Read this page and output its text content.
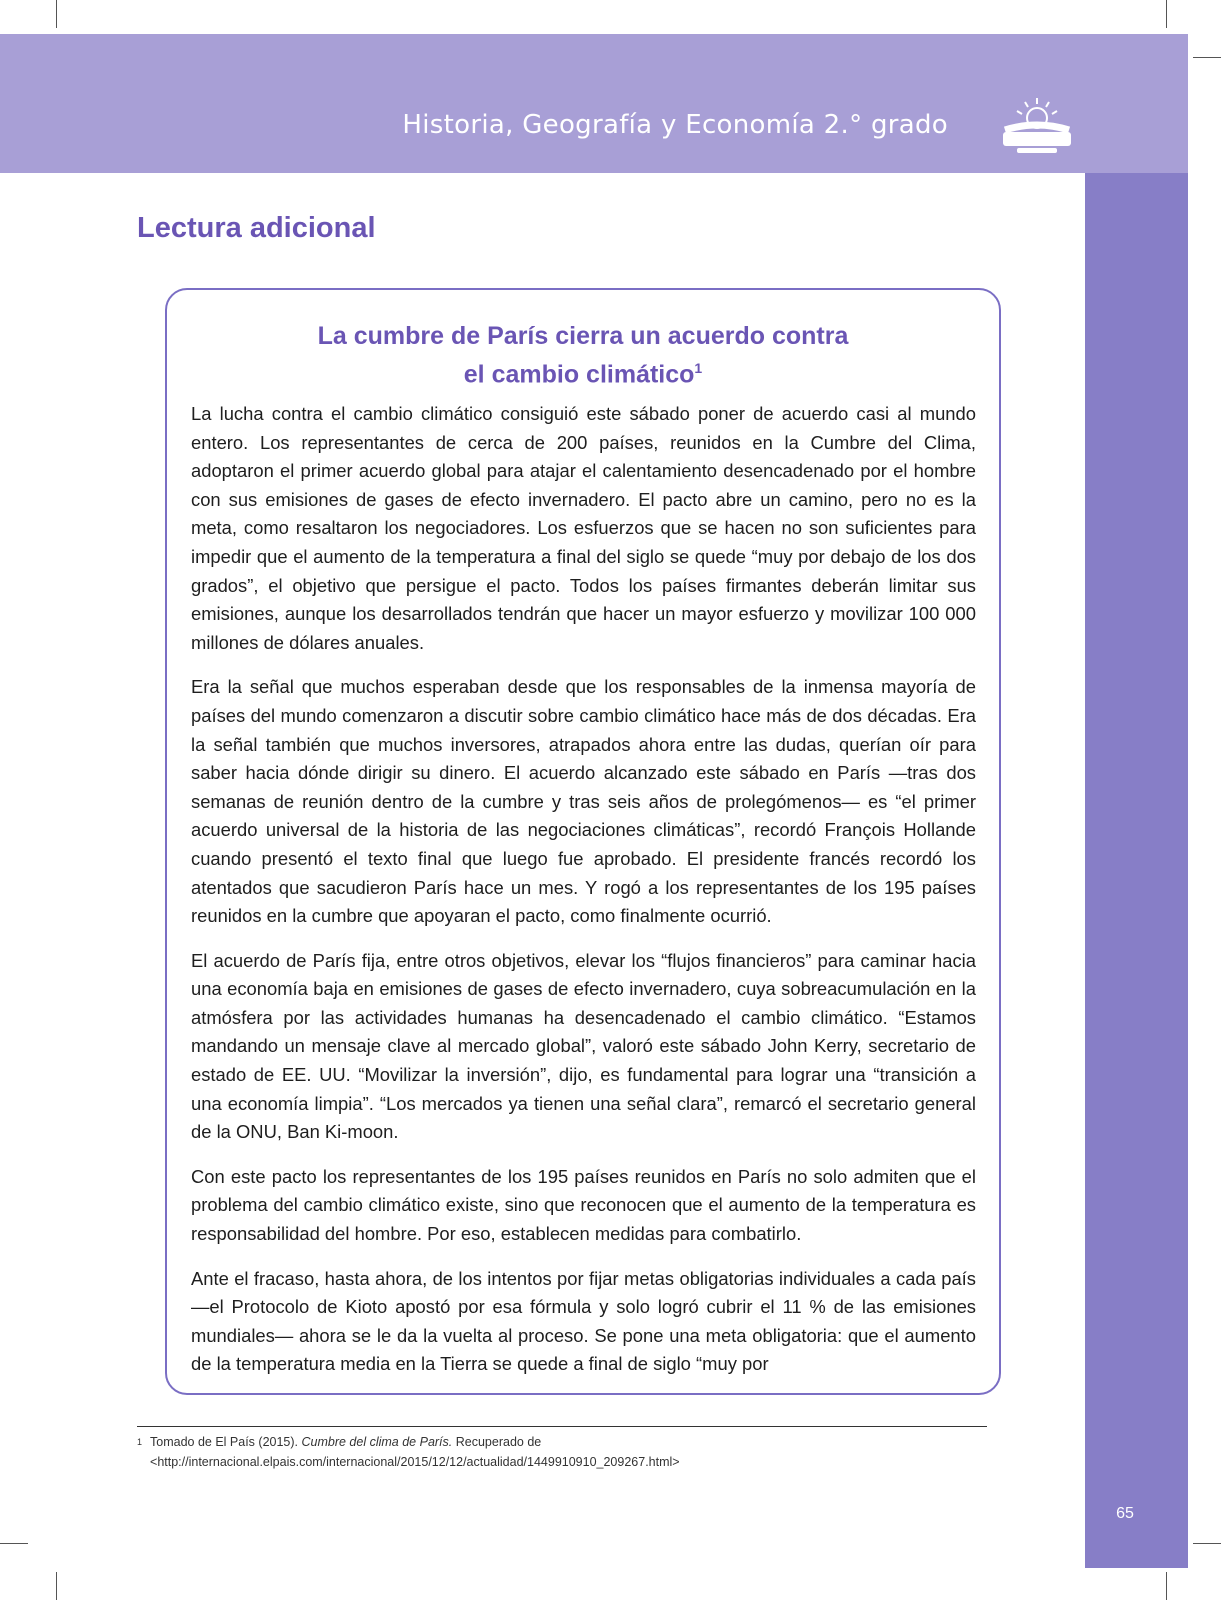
Historia, Geografía y Economía 2.° grado
65
Lectura adicional
La cumbre de París cierra un acuerdo contra
el cambio climático$^1$

La lucha contra el cambio climático consiguió este sábado poner de acuerdo casi al mundo entero. Los representantes de cerca de 200 países, reunidos en la Cumbre del Clima, adoptaron el primer acuerdo global para atajar el calentamiento desencadenado por el hombre con sus emisiones de gases de efecto invernadero. El pacto abre un camino, pero no es la meta, como resaltaron los negociadores. Los esfuerzos que se hacen no son suficientes para impedir que el aumento de la temperatura a final del siglo se quede “muy por debajo de los dos grados”, el objetivo que persigue el pacto. Todos los países firmantes deberán limitar sus emisiones, aunque los desarrollados tendrán que hacer un mayor esfuerzo y movilizar 100 000 millones de dólares anuales.

Era la señal que muchos esperaban desde que los responsables de la inmensa mayoría de países del mundo comenzaron a discutir sobre cambio climático hace más de dos décadas. Era la señal también que muchos inversores, atrapados ahora entre las dudas, querían oír para saber hacia dónde dirigir su dinero. El acuerdo alcanzado este sábado en París —tras dos semanas de reunión dentro de la cumbre y tras seis años de prolegómenos— es “el primer acuerdo universal de la historia de las negociaciones climáticas”, recordó François Hollande cuando presentó el texto final que luego fue aprobado. El presidente francés recordó los atentados que sacudieron París hace un mes. Y rogó a los representantes de los 195 países reunidos en la cumbre que apoyaran el pacto, como finalmente ocurrió.

El acuerdo de París fija, entre otros objetivos, elevar los “flujos financieros” para caminar hacia una economía baja en emisiones de gases de efecto invernadero, cuya sobreacumulación en la atmósfera por las actividades humanas ha desencadenado el cambio climático. “Estamos mandando un mensaje clave al mercado global”, valoró este sábado John Kerry, secretario de estado de EE. UU. “Movilizar la inversión”, dijo, es fundamental para lograr una “transición a una economía limpia”. “Los mercados ya tienen una señal clara”, remarcó el secretario general de la ONU, Ban Ki-moon.

Con este pacto los representantes de los 195 países reunidos en París no solo admiten que el problema del cambio climático existe, sino que reconocen que el aumento de la temperatura es responsabilidad del hombre. Por eso, establecen medidas para combatirlo.

Ante el fracaso, hasta ahora, de los intentos por fijar metas obligatorias individuales a cada país —el Protocolo de Kioto apostó por esa fórmula y solo logró cubrir el 11 % de las emisiones mundiales— ahora se le da la vuelta al proceso. Se pone una meta obligatoria: que el aumento de la temperatura media en la Tierra se quede a final de siglo “muy por

$^1$ Tomado de El País (2015). Cumbre del clima de París. Recuperado de <http://internacional.elpais.com/internacional/2015/12/12/actualidad/1449910910_209267.html>
